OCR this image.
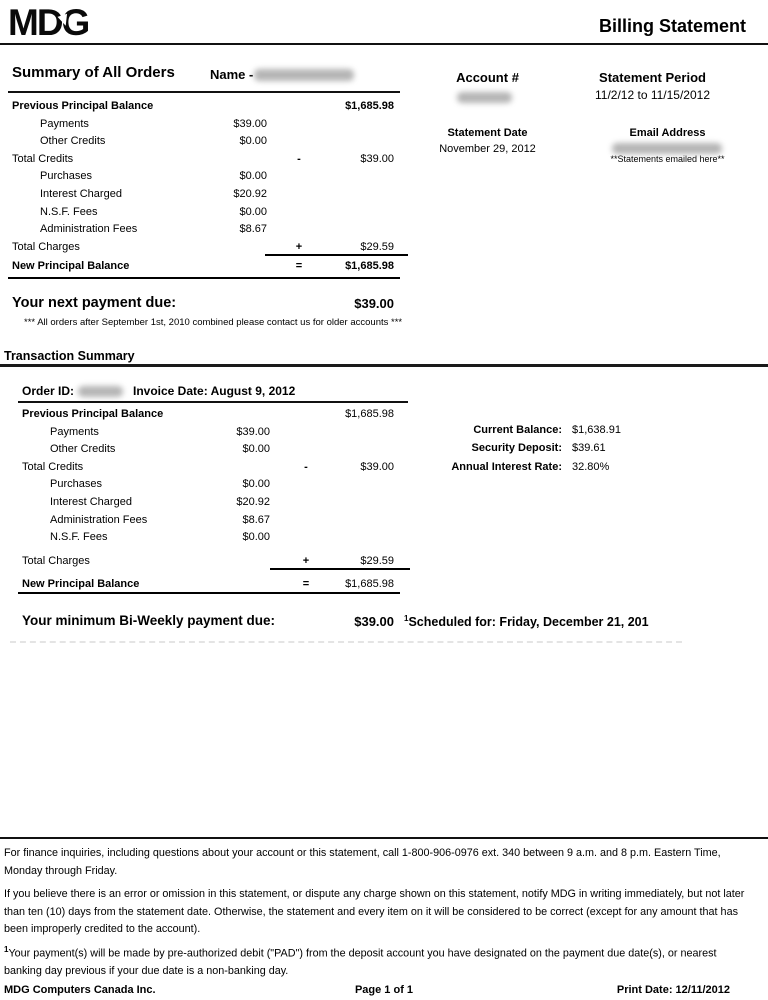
MDG	Billing Statement
Summary of All Orders	Name -	Account #	Statement Period
11/2/12 to 11/15/2012
Statement Date
November 29, 2012
Email Address
**Statements emailed here**
Previous Principal Balance	$1,685.98
Payments	$39.00
Other Credits	$0.00
Total Credits	-	$39.00
Purchases	$0.00
Interest Charged	$20.92
N.S.F. Fees	$0.00
Administration Fees	$8.67
Total Charges	+	$29.59
New Principal Balance	=	$1,685.98
Your next payment due:	$39.00
*** All orders after September 1st, 2010 combined please contact us for older accounts ***
Transaction Summary
Order ID:	Invoice Date: August 9, 2012
Previous Principal Balance	$1,685.98
Payments	$39.00
Other Credits	$0.00
Total Credits	-	$39.00
Purchases	$0.00
Interest Charged	$20.92
Administration Fees	$8.67
N.S.F. Fees	$0.00
Total Charges	+	$29.59
New Principal Balance	=	$1,685.98
Current Balance: $1,638.91
Security Deposit: $39.61
Annual Interest Rate: 32.80%
Your minimum Bi-Weekly payment due:	$39.00 $^1$Scheduled for: Friday, December 21, 201
For finance inquiries, including questions about your account or this statement, call 1-800-906-0976 ext. 340 between 9 a.m. and 8 p.m. Eastern Time, Monday through Friday.
If you believe there is an error or omission in this statement, or dispute any charge shown on this statement, notify MDG in writing immediately, but not later than ten (10) days from the statement date. Otherwise, the statement and every item on it will be considered to be correct (except for any amount that has been improperly credited to the account).
$^1$Your payment(s) will be made by pre-authorized debit ("PAD") from the deposit account you have designated on the payment due date(s), or nearest banking day previous if your due date is a non-banking day.
MDG Computers Canada Inc.	Page 1 of 1	Print Date: 12/11/2012
